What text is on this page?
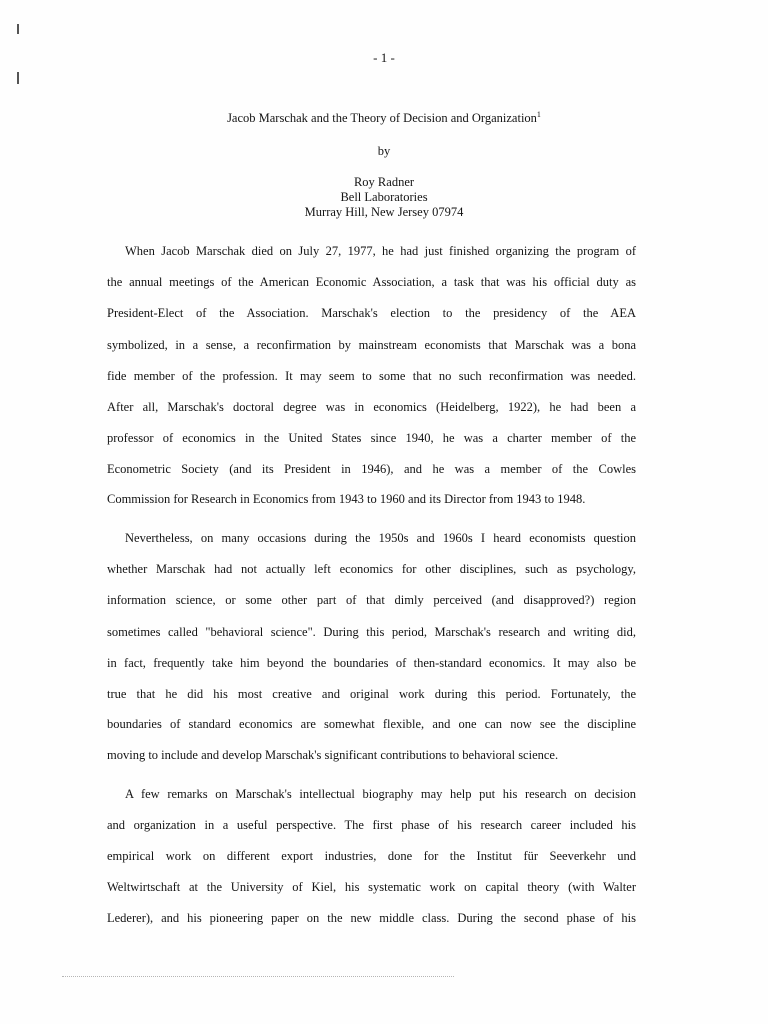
- 1 -
Jacob Marschak and the Theory of Decision and Organization$^1$
by
Roy Radner
Bell Laboratories
Murray Hill, New Jersey 07974
When Jacob Marschak died on July 27, 1977, he had just finished organizing the program of
the annual meetings of the American Economic Association, a task that was his official duty as
President-Elect of the Association. Marschak's election to the presidency of the AEA
symbolized, in a sense, a reconfirmation by mainstream economists that Marschak was a bona
fide member of the profession. It may seem to some that no such reconfirmation was needed.
After all, Marschak's doctoral degree was in economics (Heidelberg, 1922), he had been a
professor of economics in the United States since 1940, he was a charter member of the
Econometric Society (and its President in 1946), and he was a member of the Cowles
Commission for Research in Economics from 1943 to 1960 and its Director from 1943 to 1948.
Nevertheless, on many occasions during the 1950s and 1960s I heard economists question
whether Marschak had not actually left economics for other disciplines, such as psychology,
information science, or some other part of that dimly perceived (and disapproved?) region
sometimes called "behavioral science". During this period, Marschak's research and writing did,
in fact, frequently take him beyond the boundaries of then-standard economics. It may also be
true that he did his most creative and original work during this period. Fortunately, the
boundaries of standard economics are somewhat flexible, and one can now see the discipline
moving to include and develop Marschak's significant contributions to behavioral science.
A few remarks on Marschak's intellectual biography may help put his research on decision
and organization in a useful perspective. The first phase of his research career included his
empirical work on different export industries, done for the Institut für Seeverkehr und
Weltwirtschaft at the University of Kiel, his systematic work on capital theory (with Walter
Lederer), and his pioneering paper on the new middle class. During the second phase of his
